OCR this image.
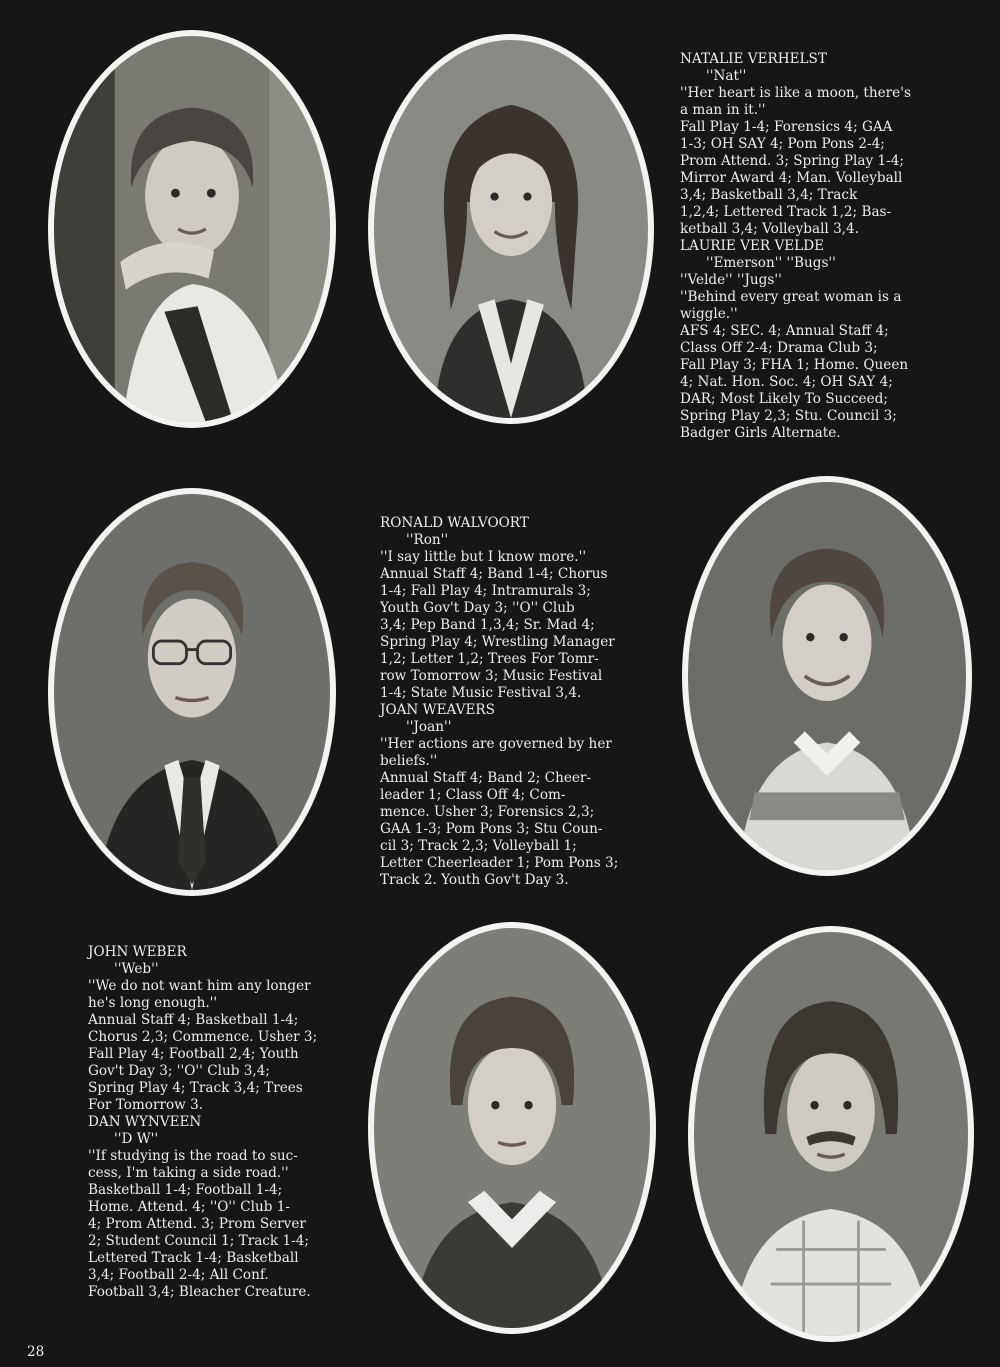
NATALIE VERHELST
''Nat''
''Her heart is like a moon, there's
a man in it.''
Fall Play 1-4; Forensics 4; GAA
1-3; OH SAY 4; Pom Pons 2-4;
Prom Attend. 3; Spring Play 1-4;
Mirror Award 4; Man. Volleyball
3,4; Basketball 3,4; Track
1,2,4; Lettered Track 1,2; Bas-
ketball 3,4; Volleyball 3,4.
LAURIE VER VELDE
''Emerson'' ''Bugs''
''Velde'' ''Jugs''
''Behind every great woman is a
wiggle.''
AFS 4; SEC. 4; Annual Staff 4;
Class Off 2-4; Drama Club 3;
Fall Play 3; FHA 1; Home. Queen
4; Nat. Hon. Soc. 4; OH SAY 4;
DAR; Most Likely To Succeed;
Spring Play 2,3; Stu. Council 3;
Badger Girls Alternate.
RONALD WALVOORT
''Ron''
''I say little but I know more.''
Annual Staff 4; Band 1-4; Chorus
1-4; Fall Play 4; Intramurals 3;
Youth Gov't Day 3; ''O'' Club
3,4; Pep Band 1,3,4; Sr. Mad 4;
Spring Play 4; Wrestling Manager
1,2; Letter 1,2; Trees For Tomr-
row Tomorrow 3; Music Festival
1-4; State Music Festival 3,4.
JOAN WEAVERS
''Joan''
''Her actions are governed by her
beliefs.''
Annual Staff 4; Band 2; Cheer-
leader 1; Class Off 4; Com-
mence. Usher 3; Forensics 2,3;
GAA 1-3; Pom Pons 3; Stu Coun-
cil 3; Track 2,3; Volleyball 1;
Letter Cheerleader 1; Pom Pons 3;
Track 2. Youth Gov't Day 3.
JOHN WEBER
''Web''
''We do not want him any longer
he's long enough.''
Annual Staff 4; Basketball 1-4;
Chorus 2,3; Commence. Usher 3;
Fall Play 4; Football 2,4; Youth
Gov't Day 3; ''O'' Club 3,4;
Spring Play 4; Track 3,4; Trees
For Tomorrow 3.
DAN WYNVEEN
''D W''
''If studying is the road to suc-
cess, I'm taking a side road.''
Basketball 1-4; Football 1-4;
Home. Attend. 4; ''O'' Club 1-
4; Prom Attend. 3; Prom Server
2; Student Council 1; Track 1-4;
Lettered Track 1-4; Basketball
3,4; Football 2-4; All Conf.
Football 3,4; Bleacher Creature.
28
